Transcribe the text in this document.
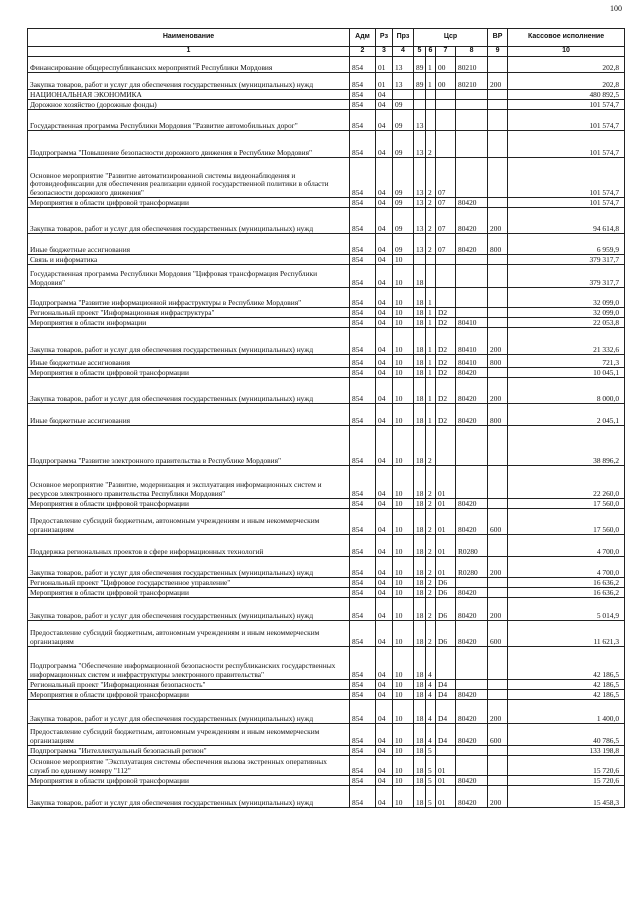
100
Наименование	Адм	Рз	Прз	Цср				ВР	Кассовое исполнение
1	2	3	4	5	6	7	8	9	10
Финансирование общереспубликанских мероприятий Республики Мордовия	854	01	13	89	1	00	80210		202,8
Закупка товаров, работ и услуг для обеспечения государственных (муниципальных) нужд	854	01	13	89	1	00	80210	200	202,8
НАЦИОНАЛЬНАЯ ЭКОНОМИКА	854	04							480 892,5
Дорожное хозяйство (дорожные фонды)	854	04	09						101 574,7
Государственная программа Республики Мордовия "Развитие автомобильных дорог"	854	04	09	13					101 574,7
Подпрограмма "Повышение безопасности дорожного движения в Республике Мордовия"	854	04	09	13	2				101 574,7
Основное мероприятие "Развитие автоматизированной системы видеонаблюдения и фотовидеофиксации для обеспечения реализации единой государственной политики в области безопасности дорожного движения"	854	04	09	13	2	07			101 574,7
Мероприятия в области цифровой трансформации	854	04	09	13	2	07	80420		101 574,7
Закупка товаров, работ и услуг для обеспечения государственных (муниципальных) нужд	854	04	09	13	2	07	80420	200	94 614,8
Иные бюджетные ассигнования	854	04	09	13	2	07	80420	800	6 959,9
Связь и информатика	854	04	10						379 317,7
Государственная программа Республики Мордовия "Цифровая трансформация Республики Мордовия"	854	04	10	18					379 317,7
Подпрограмма "Развитие информационной инфраструктуры в Республике Мордовия"	854	04	10	18	1				32 099,0
Региональный проект "Информационная инфраструктура"	854	04	10	18	1	D2			32 099,0
Мероприятия в области информации	854	04	10	18	1	D2	80410		22 053,8
Закупка товаров, работ и услуг для обеспечения государственных (муниципальных) нужд	854	04	10	18	1	D2	80410	200	21 332,6
Иные бюджетные ассигнования	854	04	10	18	1	D2	80410	800	721,3
Мероприятия в области цифровой трансформации	854	04	10	18	1	D2	80420		10 045,1
Закупка товаров, работ и услуг для обеспечения государственных (муниципальных) нужд	854	04	10	18	1	D2	80420	200	8 000,0
Иные бюджетные ассигнования	854	04	10	18	1	D2	80420	800	2 045,1
Подпрограмма "Развитие электронного правительства в Республике Мордовия"	854	04	10	18	2				38 896,2
Основное мероприятие "Развитие, модернизация и эксплуатация информационных систем и ресурсов электронного правительства Республики Мордовия"	854	04	10	18	2	01			22 260,0
Мероприятия в области цифровой трансформации	854	04	10	18	2	01	80420		17 560,0
Предоставление субсидий бюджетным, автономным учреждениям и иным некоммерческим организациям	854	04	10	18	2	01	80420	600	17 560,0
Поддержка региональных проектов в сфере информационных технологий	854	04	10	18	2	01	R0280		4 700,0
Закупка товаров, работ и услуг для обеспечения государственных (муниципальных) нужд	854	04	10	18	2	01	R0280	200	4 700,0
Региональный проект "Цифровое государственное управление"	854	04	10	18	2	D6			16 636,2
Мероприятия в области цифровой трансформации	854	04	10	18	2	D6	80420		16 636,2
Закупка товаров, работ и услуг для обеспечения государственных (муниципальных) нужд	854	04	10	18	2	D6	80420	200	5 014,9
Предоставление субсидий бюджетным, автономным учреждениям и иным некоммерческим организациям	854	04	10	18	2	D6	80420	600	11 621,3
Подпрограмма "Обеспечение информационной безопасности республиканских государственных информационных систем и инфраструктуры электронного правительства"	854	04	10	18	4				42 186,5
Региональный проект "Информационная безопасность"	854	04	10	18	4	D4			42 186,5
Мероприятия в области цифровой трансформации	854	04	10	18	4	D4	80420		42 186,5
Закупка товаров, работ и услуг для обеспечения государственных (муниципальных) нужд	854	04	10	18	4	D4	80420	200	1 400,0
Предоставление субсидий бюджетным, автономным учреждениям и иным некоммерческим организациям	854	04	10	18	4	D4	80420	600	40 786,5
Подпрограмма "Интеллектуальный безопасный регион"	854	04	10	18	5				133 198,8
Основное мероприятие "Эксплуатация системы обеспечения вызова экстренных оперативных служб по единому номеру "112"	854	04	10	18	5	01			15 720,6
Мероприятия в области цифровой трансформации	854	04	10	18	5	01	80420		15 720,6
Закупка товаров, работ и услуг для обеспечения государственных (муниципальных) нужд	854	04	10	18	5	01	80420	200	15 458,3
